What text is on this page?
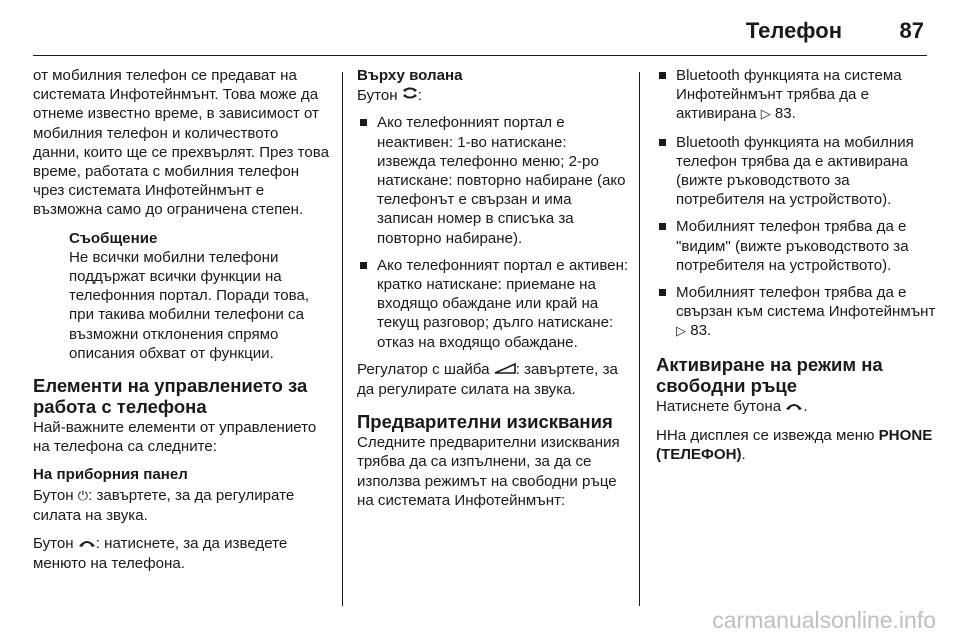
Телефон	87

от мобилния телефон се предават на системата Инфотейнмънт. Това може да отнеме известно време, в зависимост от мобилния телефон и количеството данни, които ще се прехвърлят. През това време, работата с мобилния телефон чрез системата Инфотейнмънт е възможна само до ограничена степен.

Съобщение
Не всички мобилни телефони поддържат всички функции на телефонния портал. Поради това, при такива мобилни телефони са възможни отклонения спрямо описания обхват от функции.
Елементи на управлението за работа с телефона

Най-важните елементи от управлението на телефона са следните:

На приборния панел

Бутон ⏻: завъртете, за да регулирате силата на звука.

Бутон : натиснете, за да изведете менюто на телефона.

Върху волана

Бутон :

Ако телефонният портал е неактивен: 1-во натискане: извежда телефонно меню; 2-ро натискане: повторно набиране (ако телефонът е свързан и има записан номер в списъка за повторно набиране).
Ако телефонният портал е активен: кратко натискане: приемане на входящо обаждане или край на текущ разговор; дълго натискане: отказ на входящо обаждане.

Регулатор с шайба : завъртете, за да регулирате силата на звука.

Предварителни изисквания

Следните предварителни изисквания трябва да са изпълнени, за да се използва режимът на свободни ръце на системата Инфотейнмънт:

Bluetooth функцията на система Инфотейнмънт трябва да е активирана ▷ 83.
Bluetooth функцията на мобилния телефон трябва да е активирана (вижте ръководството за потребителя на устройството).
Мобилният телефон трябва да е "видим" (вижте ръководството за потребителя на устройството).
Мобилният телефон трябва да е свързан към система Инфотейнмънт ▷ 83.
Активиране на режим на свободни ръце

Натиснете бутона .

ННа дисплея се извежда меню PHONE (ТЕЛЕФОН).

carmanualsonline.info
